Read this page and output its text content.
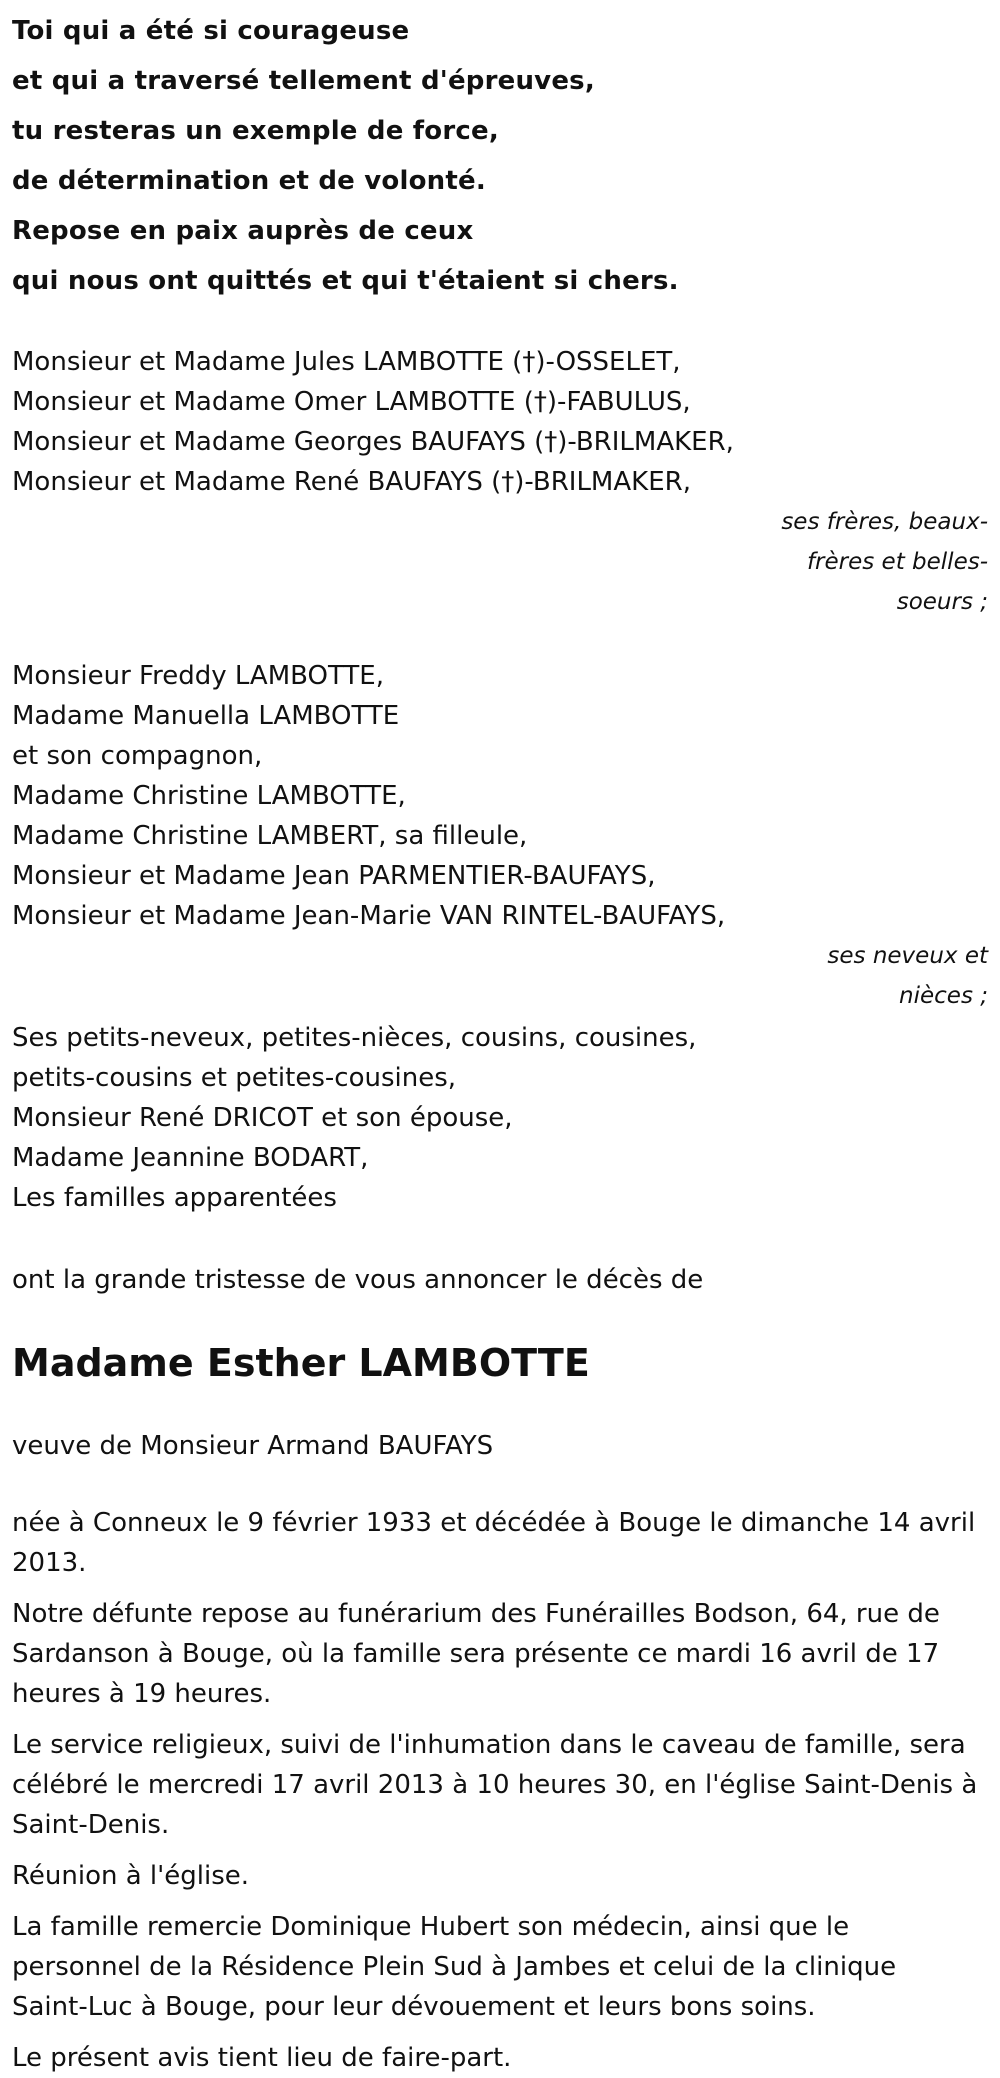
Toi qui a été si courageuse
et qui a traversé tellement d'épreuves,
tu resteras un exemple de force,
de détermination et de volonté.
Repose en paix auprès de ceux
qui nous ont quittés et qui t'étaient si chers.
Monsieur et Madame Jules LAMBOTTE (†)-OSSELET,
Monsieur et Madame Omer LAMBOTTE (†)-FABULUS,
Monsieur et Madame Georges BAUFAYS (†)-BRILMAKER,
Monsieur et Madame René BAUFAYS (†)-BRILMAKER,
ses frères, beaux-frères et belles-soeurs ;
Monsieur Freddy LAMBOTTE,
Madame Manuella LAMBOTTE
et son compagnon,
Madame Christine LAMBOTTE,
Madame Christine LAMBERT, sa filleule,
Monsieur et Madame Jean PARMENTIER-BAUFAYS,
Monsieur et Madame Jean-Marie VAN RINTEL-BAUFAYS,
ses neveux et nièces ;
Ses petits-neveux, petites-nièces, cousins, cousines,
petits-cousins et petites-cousines,
Monsieur René DRICOT et son épouse,
Madame Jeannine BODART,
Les familles apparentées
ont la grande tristesse de vous annoncer le décès de
Madame Esther LAMBOTTE
veuve de Monsieur Armand BAUFAYS
née à Conneux le 9 février 1933 et décédée à Bouge le dimanche 14 avril 2013.
Notre défunte repose au funérarium des Funérailles Bodson, 64, rue de Sardanson à Bouge, où la famille sera présente ce mardi 16 avril de 17 heures à 19 heures.
Le service religieux, suivi de l'inhumation dans le caveau de famille, sera célébré le mercredi 17 avril 2013 à 10 heures 30, en l'église Saint-Denis à Saint-Denis.
Réunion à l'église.
La famille remercie Dominique Hubert son médecin, ainsi que le personnel de la Résidence Plein Sud à Jambes et celui de la clinique Saint-Luc à Bouge, pour leur dévouement et leurs bons soins.
Le présent avis tient lieu de faire-part.
